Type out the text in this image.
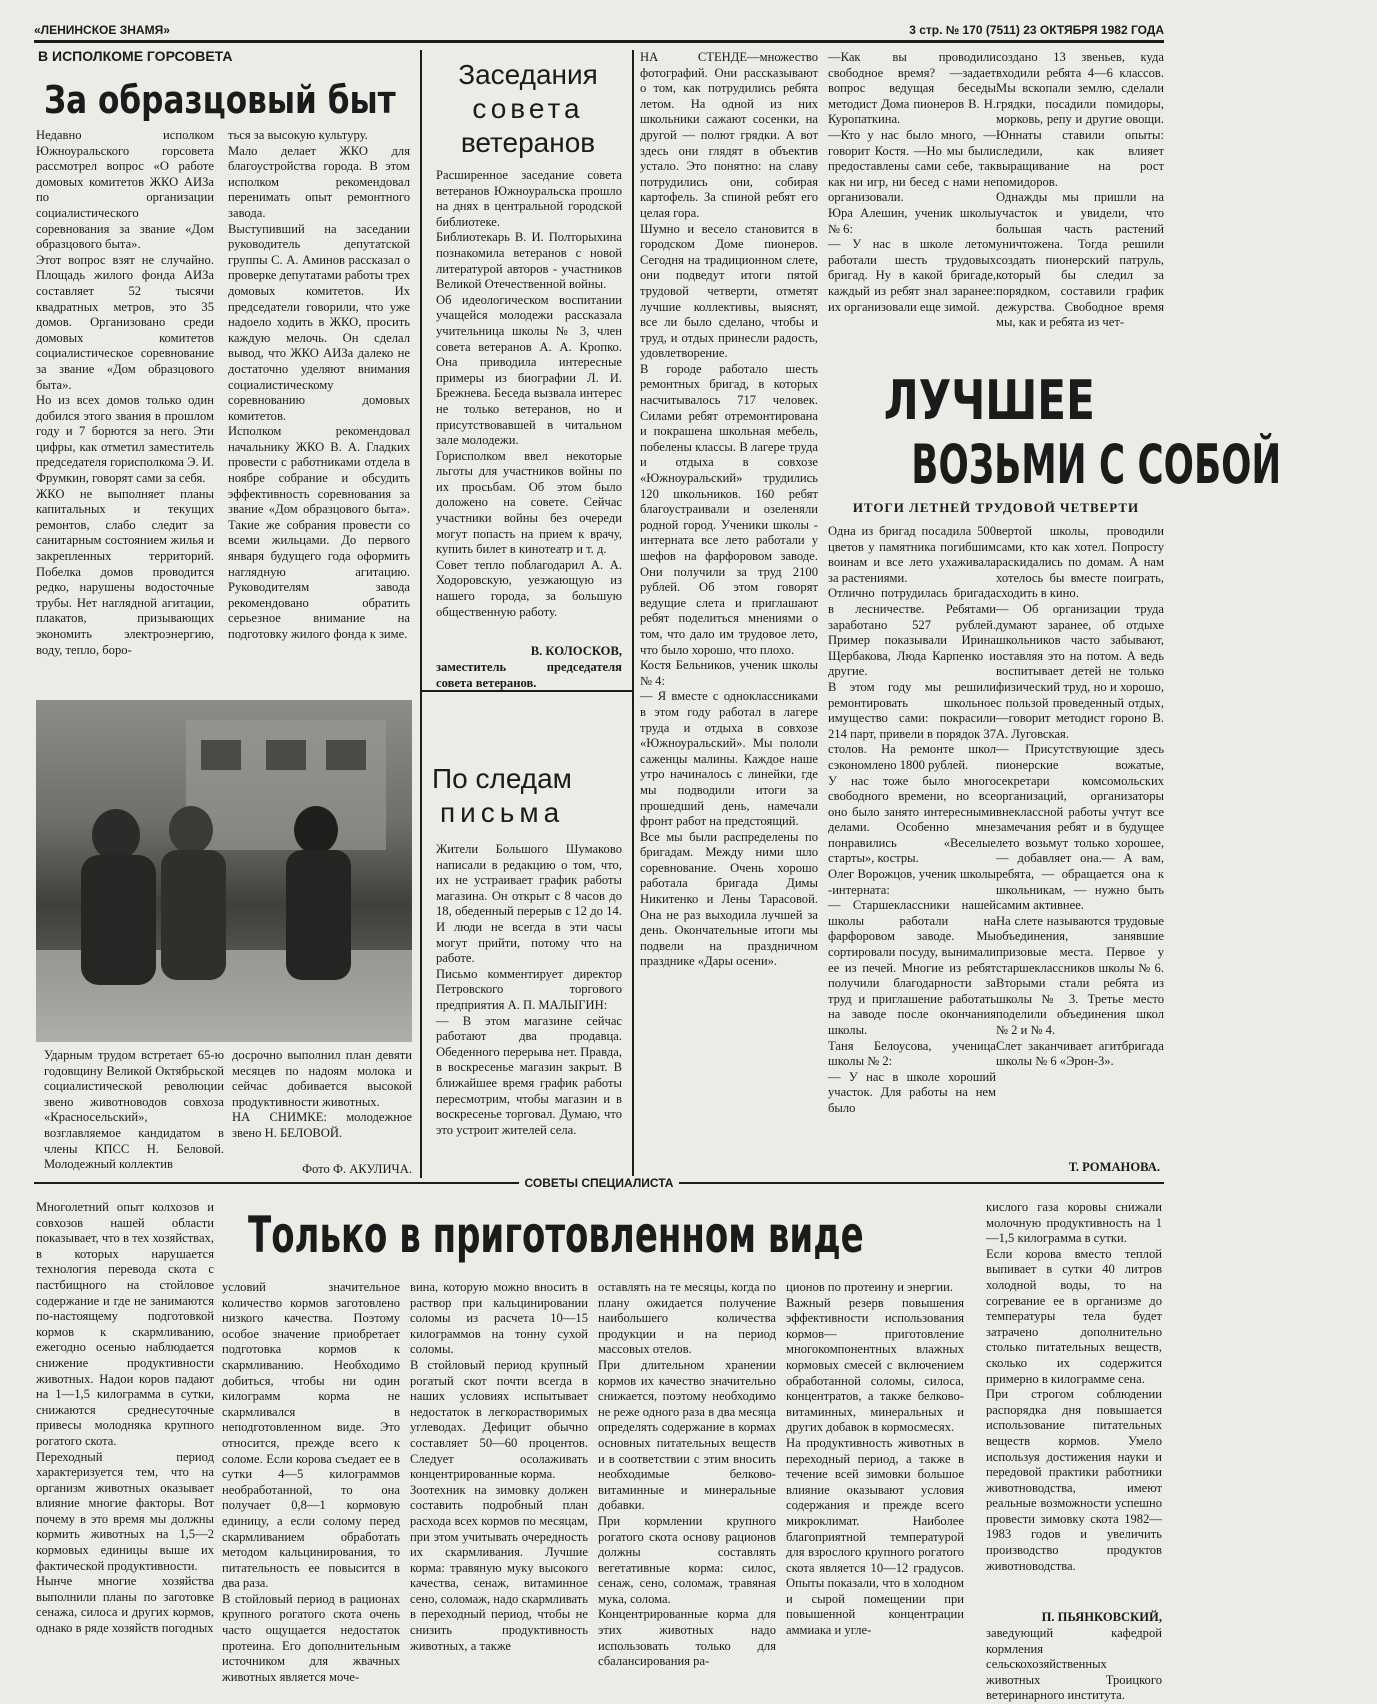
«ЛЕНИНСКОЕ ЗНАМЯ»	3 стр. № 170 (7511) 23 ОКТЯБРЯ 1982 ГОДА
В ИСПОЛКОМЕ ГОРСОВЕТА
За образцовый быт
Недавно исполком Южноуральского горсовета рассмотрел вопрос «О работе домовых комитетов ЖКО АИЗа по организации социалистического соревнования за звание «Дом образцового быта».
Этот вопрос взят не случайно. Площадь жилого фонда АИЗа составляет 52 тысячи квадратных метров, это 35 домов. Организовано среди домовых комитетов социалистическое соревнование за звание «Дом образцового быта».
Но из всех домов только один добился этого звания в прошлом году и 7 борются за него. Эти цифры, как отметил заместитель председателя горисполкома Э. И. Фрумкин, говорят сами за себя.
ЖКО не выполняет планы капитальных и текущих ремонтов, слабо следит за санитарным состоянием жилья и закрепленных территорий. Побелка домов проводится редко, нарушены водосточные трубы. Нет наглядной агитации, плакатов, призывающих экономить электроэнергию, воду, тепло, боро-
ться за высокую культуру.
Мало делает ЖКО для благоустройства города. В этом исполком рекомендовал перенимать опыт ремонтного завода.
Выступивший на заседании руководитель депутатской группы С. А. Аминов рассказал о проверке депутатами работы трех домовых комитетов. Их председатели говорили, что уже надоело ходить в ЖКО, просить каждую мелочь. Он сделал вывод, что ЖКО АИЗа далеко не достаточно уделяют внимания социалистическому соревнованию домовых комитетов.
Исполком рекомендовал начальнику ЖКО В. А. Гладких провести с работниками отдела в ноябре собрание и обсудить эффективность соревнования за звание «Дом образцового быта». Такие же собрания провести со всеми жильцами. До первого января будущего года оформить наглядную агитацию. Руководителям завода рекомендовано обратить серьезное внимание на подготовку жилого фонда к зиме.
Ударным трудом встретает 65-ю годовщину Великой Октябрьской социалистической революции звено животноводов совхоза «Красносельский», возглавляемое кандидатом в члены КПСС Н. Беловой. Молодежный коллектив
досрочно выполнил план девяти месяцев по надоям молока и сейчас добивается высокой продуктивности животных.
НА СНИМКЕ: молодежное звено Н. БЕЛОВОЙ.
Фото Ф. АКУЛИЧА.
Заседания
совета
ветеранов
Расширенное заседание совета ветеранов Южноуральска прошло на днях в центральной городской библиотеке.
Библиотекарь В. И. Полторыхина познакомила ветеранов с новой литературой авторов - участников Великой Отечественной войны.
Об идеологическом воспитании учащейся молодежи рассказала учительница школы № 3, член совета ветеранов А. А. Кропко. Она приводила интересные примеры из биографии Л. И. Брежнева. Беседа вызвала интерес не только ветеранов, но и присутствовавшей в читальном зале молодежи.
Горисполком ввел некоторые льготы для участников войны по их просьбам. Об этом было доложено на совете. Сейчас участники войны без очереди могут попасть на прием к врачу, купить билет в кинотеатр и т. д.
Совет тепло поблагодарил А. А. Ходоровскую, уезжающую из нашего города, за большую общественную работу.
В. КОЛОСКОВ,
заместитель председателя совета ветеранов.
По следам
письма
Жители Большого Шумаково написали в редакцию о том, что, их не устраивает график работы магазина. Он открыт с 8 часов до 18, обеденный перерыв с 12 до 14. И люди не всегда в эти часы могут прийти, потому что на работе.
Письмо комментирует директор Петровского торгового предприятия А. П. МАЛЫГИН:
— В этом магазине сейчас работают два продавца. Обеденного перерыва нет. Правда, в воскресенье магазин закрыт. В ближайшее время график работы пересмотрим, чтобы магазин и в воскресенье торговал. Думаю, что это устроит жителей села.
НА СТЕНДЕ—множество фотографий. Они рассказывают о том, как потрудились ребята летом. На одной из них школьники сажают сосенки, на другой — полют грядки. А вот здесь они глядят в объектив устало. Это понятно: на славу потрудились они, собирая картофель. За спиной ребят его целая гора.
Шумно и весело становится в городском Доме пионеров. Сегодня на традиционном слете, они подведут итоги пятой трудовой четверти, отметят лучшие коллективы, выяснят, все ли было сделано, чтобы и труд, и отдых принесли радость, удовлетворение.
В городе работало шесть ремонтных бригад, в которых насчитывалось 717 человек. Силами ребят отремонтирована и покрашена школьная мебель, побелены классы. В лагере труда и отдыха в совхозе «Южноуральский» трудились 120 школьников. 160 ребят благоустраивали и озеленяли родной город. Ученики школы - интерната все лето работали у шефов на фарфоровом заводе. Они получили за труд 2100 рублей. Об этом говорят ведущие слета и приглашают ребят поделиться мнениями о том, что дало им трудовое лето, что было хорошо, что плохо.
Костя Бельников, ученик школы № 4:
— Я вместе с одноклассниками в этом году работал в лагере труда и отдыха в совхозе «Южноуральский». Мы пололи саженцы малины. Каждое наше утро начиналось с линейки, где мы подводили итоги за прошедший день, намечали фронт работ на предстоящий.
Все мы были распределены по бригадам. Между ними шло соревнование. Очень хорошо работала бригада Димы Никитенко и Лены Тарасовой. Она не раз выходила лучшей за день. Окончательные итоги мы подвели на праздничном празднике «Дары осени».
—Как вы проводили свободное время? —задает вопрос ведущая беседы методист Дома пионеров В. Н. Куропаткина.
—Кто у нас было много, — говорит Костя. —Но мы были предоставлены сами себе, так как ни игр, ни бесед с нами не организовали.
Юра Алешин, ученик школы № 6:
— У нас в школе летом работали шесть трудовых бригад. Ну в какой бригаде, каждый из ребят знал заранее: их организовали еще зимой.
создано 13 звеньев, куда входили ребята 4—6 классов. Мы вскопали землю, сделали грядки, посадили помидоры, морковь, репу и другие овощи. Юннаты ставили опыты: следили, как влияет выращивание на рост помидоров.
Однажды мы пришли на участок и увидели, что большая часть растений уничтожена. Тогда решили создать пионерский патруль, который бы следил за порядком, составили график дежурства. Свободное время мы, как и ребята из чет-
ЛУЧШЕЕ
ВОЗЬМИ С СОБОЙ
ИТОГИ ЛЕТНЕЙ ТРУДОВОЙ ЧЕТВЕРТИ
Одна из бригад посадила 500 цветов у памятника погибшим воинам и все лето ухаживала за растениями.
Отлично потрудилась бригада в лесничестве. Ребятами заработано 527 рублей. Пример показывали Ирина Щербакова, Люда Карпенко и другие.
В этом году мы решили ремонтировать школьное имущество сами: покрасили 214 парт, привели в порядок 37 столов. На ремонте школ сэкономлено 1800 рублей.
У нас тоже было много свободного времени, но все оно было занято интересными делами. Особенно мне понравились «Веселые старты», костры.
Олег Ворожцов, ученик школы -интерната:
— Старшеклассники нашей школы работали на фарфоровом заводе. Мы сортировали посуду, вынимали ее из печей. Многие из ребят получили благодарности за труд и приглашение работать на заводе после окончания школы.
Таня Белоусова, ученица школы № 2:
— У нас в школе хороший участок. Для работы на нем было
вертой школы, проводили сами, кто как хотел. Попросту раскидались по домам. А нам хотелось бы вместе поиграть, сходить в кино.
— Об организации труда думают заранее, об отдыхе школьников часто забывают, оставляя это на потом. А ведь воспитывает детей не только физический труд, но и хорошо, с пользой проведенный отдых, —говорит методист гороно В. А. Луговская.
— Присутствующие здесь пионерские вожатые, секретари комсомольских организаций, организаторы внеклассной работы учтут все замечания ребят и в будущее лето возьмут только хорошее,— добавляет она.— А вам, ребята, — обращается она к школьникам, — нужно быть самим активнее.
На слете называются трудовые объединения, занявшие призовые места. Первое у старшеклассников школы № 6. Вторыми стали ребята из школы № 3. Третье место поделили объединения школ № 2 и № 4.
Слет заканчивает агитбригада школы № 6 «Эрон-3».
Т. РОМАНОВА.
$^{СОВЕТЫ СПЕЦИАЛИСТА}$
Только в приготовленном виде
Многолетний опыт колхозов и совхозов нашей области показывает, что в тех хозяйствах, в которых нарушается технология перевода скота с пастбищного на стойловое содержание и где не занимаются по-настоящему подготовкой кормов к скармливанию, ежегодно осенью наблюдается снижение продуктивности животных. Надои коров падают на 1—1,5 килограмма в сутки, снижаются среднесуточные привесы молодняка крупного рогатого скота.
Переходный период характеризуется тем, что на организм животных оказывает влияние многие факторы. Вот почему в это время мы должны кормить животных на 1,5—2 кормовых единицы выше их фактической продуктивности.
Нынче многие хозяйства выполнили планы по заготовке сенажа, силоса и других кормов, однако в ряде хозяйств погодных
условий значительное количество кормов заготовлено низкого качества. Поэтому особое значение приобретает подготовка кормов к скармливанию. Необходимо добиться, чтобы ни один килограмм корма не скармливался в неподготовленном виде. Это относится, прежде всего к соломе. Если корова съедает ее в сутки 4—5 килограммов необработанной, то она получает 0,8—1 кормовую единицу, а если солому перед скармливанием обработать методом кальцинирования, то питательность ее повысится в два раза.
В стойловый период в рационах крупного рогатого скота очень часто ощущается недостаток протеина. Его дополнительным источником для жвачных животных является моче-
вина, которую можно вносить в раствор при кальцинировании соломы из расчета 10—15 килограммов на тонну сухой соломы.
В стойловый период крупный рогатый скот почти всегда в наших условиях испытывает недостаток в легкорастворимых углеводах. Дефицит обычно составляет 50—60 процентов. Следует осолаживать концентрированные корма.
Зоотехник на зимовку должен составить подробный план расхода всех кормов по месяцам, при этом учитывать очередность их скармливания. Лучшие корма: травяную муку высокого качества, сенаж, витаминное сено, соломаж, надо скармливать в переходный период, чтобы не снизить продуктивность животных, а также
оставлять на те месяцы, когда по плану ожидается получение наибольшего количества продукции и на период массовых отелов.
При длительном хранении кормов их качество значительно снижается, поэтому необходимо не реже одного раза в два месяца определять содержание в кормах основных питательных веществ и в соответствии с этим вносить необходимые белково-витаминные и минеральные добавки.
При кормлении крупного рогатого скота основу рационов должны составлять вегетативные корма: силос, сенаж, сено, соломаж, травяная мука, солома.
Концентрированные корма для этих животных надо использовать только для сбалансирования ра-
ционов по протеину и энергии.
Важный резерв повышения эффективности использования кормов— приготовление многокомпонентных влажных кормовых смесей с включением обработанной соломы, силоса, концентратов, а также белково-витаминных, минеральных и других добавок в кормосмесях.
На продуктивность животных в переходный период, а также в течение всей зимовки большое влияние оказывают условия содержания и прежде всего микроклимат. Наиболее благоприятной температурой для взрослого крупного рогатого скота является 10—12 градусов. Опыты показали, что в холодном и сырой помещении при повышенной концентрации аммиака и угле-
кислого газа коровы снижали молочную продуктивность на 1—1,5 килограмма в сутки.
Если корова вместо теплой выпивает в сутки 40 литров холодной воды, то на согревание ее в организме до температуры тела будет затрачено дополнительно столько питательных веществ, сколько их содержится примерно в килограмме сена.
При строгом соблюдении распорядка дня повышается использование питательных веществ кормов. Умело используя достижения науки и передовой практики работники животноводства, имеют реальные возможности успешно провести зимовку скота 1982—1983 годов и увеличить производство продуктов животноводства.
П. ПЬЯНКОВСКИЙ,
заведующий кафедрой кормления сельскохозяйственных животных Троицкого ветеринарного института.
